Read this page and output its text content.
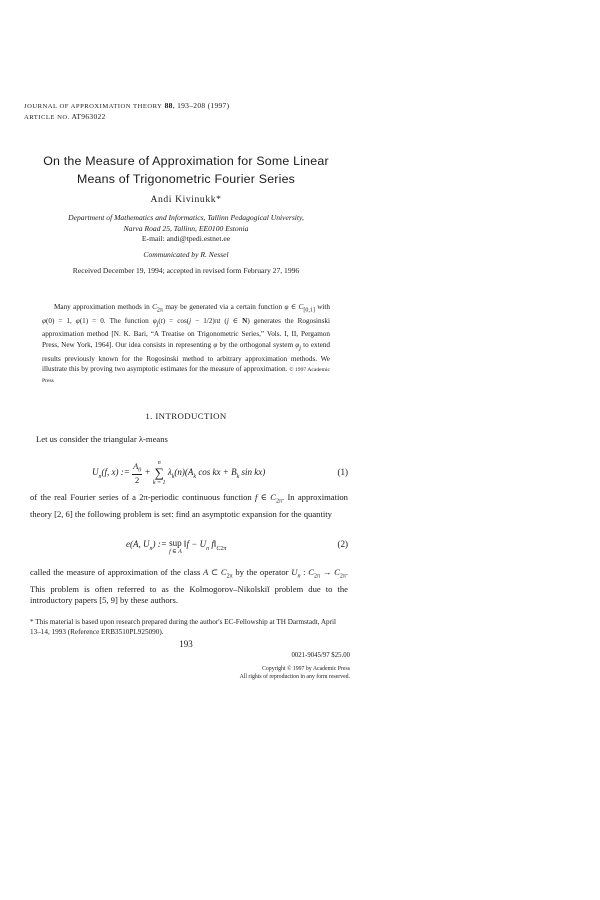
JOURNAL OF APPROXIMATION THEORY 88, 193–208 (1997)
ARTICLE NO. AT963022
On the Measure of Approximation for Some Linear
Means of Trigonometric Fourier Series
Andi Kivinukk*
Department of Mathematics and Informatics, Tallinn Pedagogical University,
Narva Road 25, Tallinn, EE0100 Estonia
E-mail: andi@tpedi.estnet.ee
Communicated by R. Nessel
Received December 19, 1994; accepted in revised form February 27, 1996

Many approximation methods in $C_{2\pi}$ may be generated via a certain function φ ∈ $C_{[0,1]}$ with φ(0) = 1, φ(1) = 0. The function $\varphi_j(t) = \cos(j - 1/2)\pi t$ (j ∈ N) generates the Rogosinski approximation method [N. K. Bari, “A Treatise on Trigonometric Series,” Vols. I, II, Pergamon Press, New York, 1964]. Our idea consists in representing φ by the orthogonal system $\varphi_j$ to extend results previously known for the Rogosinski method to arbitrary approximation methods. We illustrate this by proving two asymptotic estimates for the measure of approximation. © 1997 Academic Press

1. INTRODUCTION
Let us consider the triangular λ-means
$U_n(f$, x) := $\frac{A_0}{2}$ +
n
∑
k = 1
$\lambda_k(n)(A_k$ cos kx + $B_k$ sin kx)	(1)
of the real Fourier series of a 2π-periodic continuous function f ∈ $C_{2\pi}$. In approximation theory [2, 6] the following problem is set: find an asymptotic expansion for the quantity
e(A, $U_n$) := sup
f ∈ A
‖f − $U_n$ $f‖_{C2\pi}$	(2)
called the measure of approximation of the class A ⊂ $C_{2\pi}$ by the operator $U_n$ : $C_{2\pi} \to C_{2\pi}$. This problem is often referred to as the Kolmogorov–Nikolskiĭ problem due to the introductory papers [5, 9] by these authors.
* This material is based upon research prepared during the author's EC-Fellowship at TH Darmstadt, April 13–14, 1993 (Reference ERB3510PL925090).
193
0021-9045/97 $25.00
Copyright © 1997 by Academic Press
All rights of reproduction in any form reserved.
